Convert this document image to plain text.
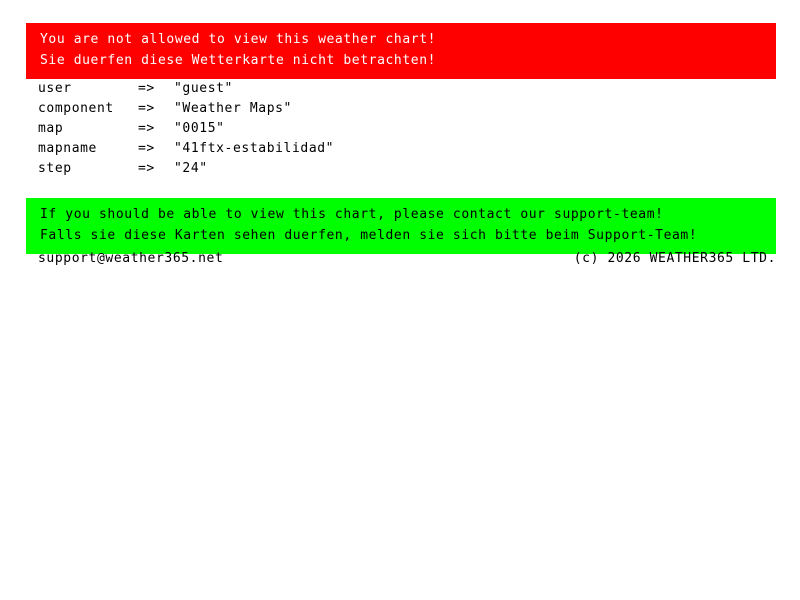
You are not allowed to view this weather chart!
Sie duerfen diese Wetterkarte nicht betrachten!
user	=>	"guest"
component	=>	"Weather Maps"
map	=>	"0015"
mapname	=>	"41ftx-estabilidad"
step	=>	"24"
If you should be able to view this chart, please contact our support-team!
Falls sie diese Karten sehen duerfen, melden sie sich bitte beim Support-Team!
support@weather365.net	(c) 2026 WEATHER365 LTD.
